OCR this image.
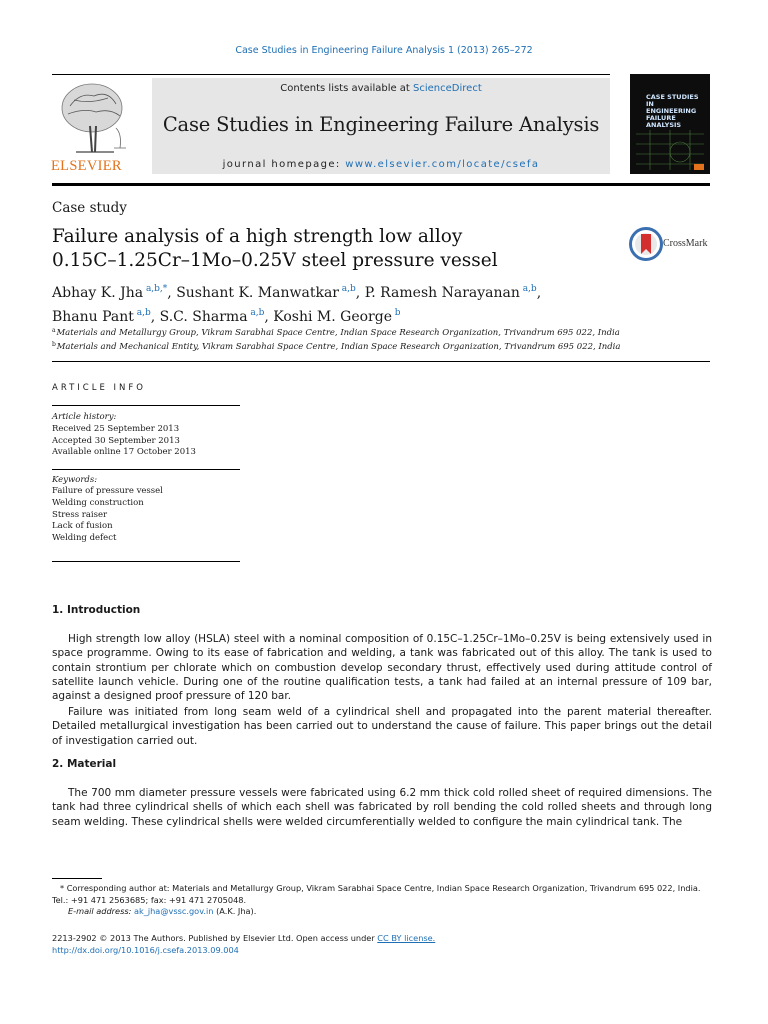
Case Studies in Engineering Failure Analysis 1 (2013) 265–272
ELSEVIER
Contents lists available at ScienceDirect
Case Studies in Engineering Failure Analysis
journal homepage: www.elsevier.com/locate/csefa
CASE STUDIES IN
ENGINEERING
FAILURE
ANALYSIS
Case study
Failure analysis of a high strength low alloy
0.15C–1.25Cr–1Mo–0.25V steel pressure vessel
CrossMark
Abhay K. Jha  $^{a,b,*}$, Sushant K. Manwatkar  $^{a,b}$, P. Ramesh Narayanan  $^{a,b}$,
Bhanu Pant  $^{a,b}$, S.C. Sharma  $^{a,b}$, Koshi M. George  $^b$
$^a$ Materials and Metallurgy Group, Vikram Sarabhai Space Centre, Indian Space Research Organization, Trivandrum 695 022, India
$^b$ Materials and Mechanical Entity, Vikram Sarabhai Space Centre, Indian Space Research Organization, Trivandrum 695 022, India
ARTICLE INFO
Article history:
Received 25 September 2013
Accepted 30 September 2013
Available online 17 October 2013
Keywords:
Failure of pressure vessel
Welding construction
Stress raiser
Lack of fusion
Welding defect
1. Introduction
High strength low alloy (HSLA) steel with a nominal composition of 0.15C–1.25Cr–1Mo–0.25V is being extensively used in space programme. Owing to its ease of fabrication and welding, a tank was fabricated out of this alloy. The tank is used to contain strontium per chlorate which on combustion develop secondary thrust, effectively used during attitude control of satellite launch vehicle. During one of the routine qualification tests, a tank had failed at an internal pressure of 109 bar, against a designed proof pressure of 120 bar.
Failure was initiated from long seam weld of a cylindrical shell and propagated into the parent material thereafter. Detailed metallurgical investigation has been carried out to understand the cause of failure. This paper brings out the detail of investigation carried out.
2. Material
The 700 mm diameter pressure vessels were fabricated using 6.2 mm thick cold rolled sheet of required dimensions. The tank had three cylindrical shells of which each shell was fabricated by roll bending the cold rolled sheets and through long seam welding. These cylindrical shells were welded circumferentially welded to configure the main cylindrical tank. The
* Corresponding author at: Materials and Metallurgy Group, Vikram Sarabhai Space Centre, Indian Space Research Organization, Trivandrum 695 022, India. Tel.: +91 471 2563685; fax: +91 471 2705048.
E-mail address: ak_jha@vssc.gov.in (A.K. Jha).
2213-2902 © 2013 The Authors. Published by Elsevier Ltd. Open access under CC BY license.
http://dx.doi.org/10.1016/j.csefa.2013.09.004
